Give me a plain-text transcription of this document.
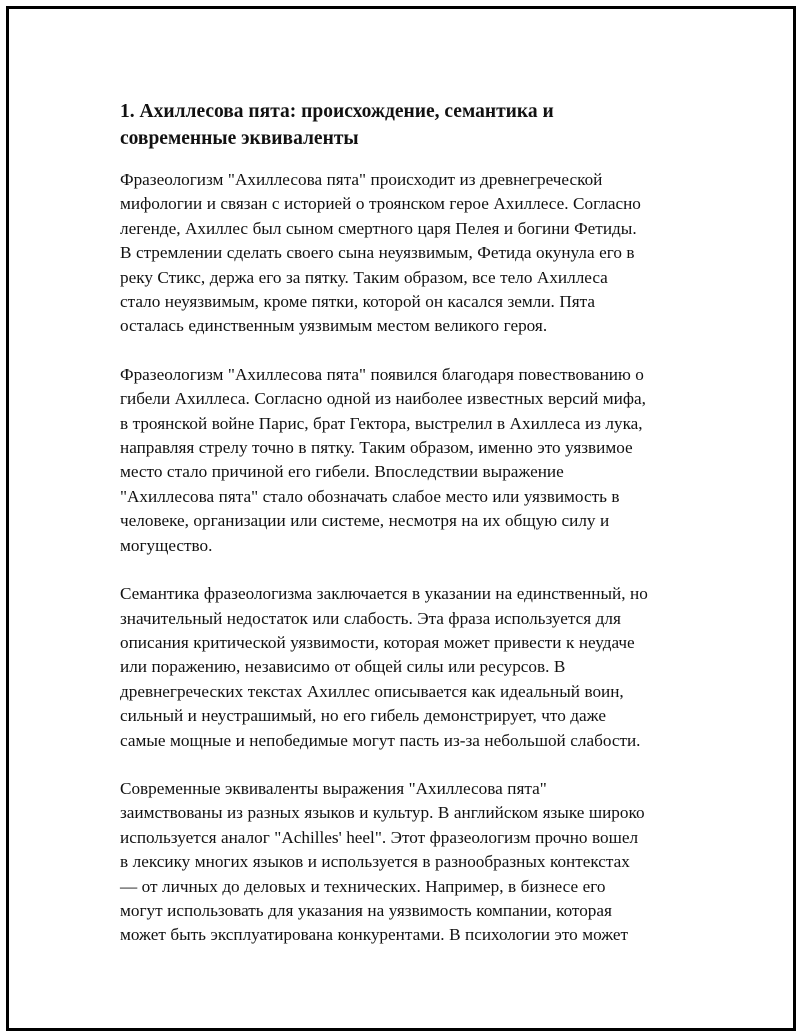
1. Ахиллесова пята: происхождение, семантика и
современные эквиваленты

Фразеологизм "Ахиллесова пята" происходит из древнегреческой
мифологии и связан с историей о троянском герое Ахиллесе. Согласно
легенде, Ахиллес был сыном смертного царя Пелея и богини Фетиды.
В стремлении сделать своего сына неуязвимым, Фетида окунула его в
реку Стикс, держа его за пятку. Таким образом, все тело Ахиллеса
стало неуязвимым, кроме пятки, которой он касался земли. Пята
осталась единственным уязвимым местом великого героя.

Фразеологизм "Ахиллесова пята" появился благодаря повествованию о
гибели Ахиллеса. Согласно одной из наиболее известных версий мифа,
в троянской войне Парис, брат Гектора, выстрелил в Ахиллеса из лука,
направляя стрелу точно в пятку. Таким образом, именно это уязвимое
место стало причиной его гибели. Впоследствии выражение
"Ахиллесова пята" стало обозначать слабое место или уязвимость в
человеке, организации или системе, несмотря на их общую силу и
могущество.

Семантика фразеологизма заключается в указании на единственный, но
значительный недостаток или слабость. Эта фраза используется для
описания критической уязвимости, которая может привести к неудаче
или поражению, независимо от общей силы или ресурсов. В
древнегреческих текстах Ахиллес описывается как идеальный воин,
сильный и неустрашимый, но его гибель демонстрирует, что даже
самые мощные и непобедимые могут пасть из-за небольшой слабости.

Современные эквиваленты выражения "Ахиллесова пята"
заимствованы из разных языков и культур. В английском языке широко
используется аналог "Achilles' heel". Этот фразеологизм прочно вошел
в лексику многих языков и используется в разнообразных контекстах
— от личных до деловых и технических. Например, в бизнесе его
могут использовать для указания на уязвимость компании, которая
может быть эксплуатирована конкурентами. В психологии это может
